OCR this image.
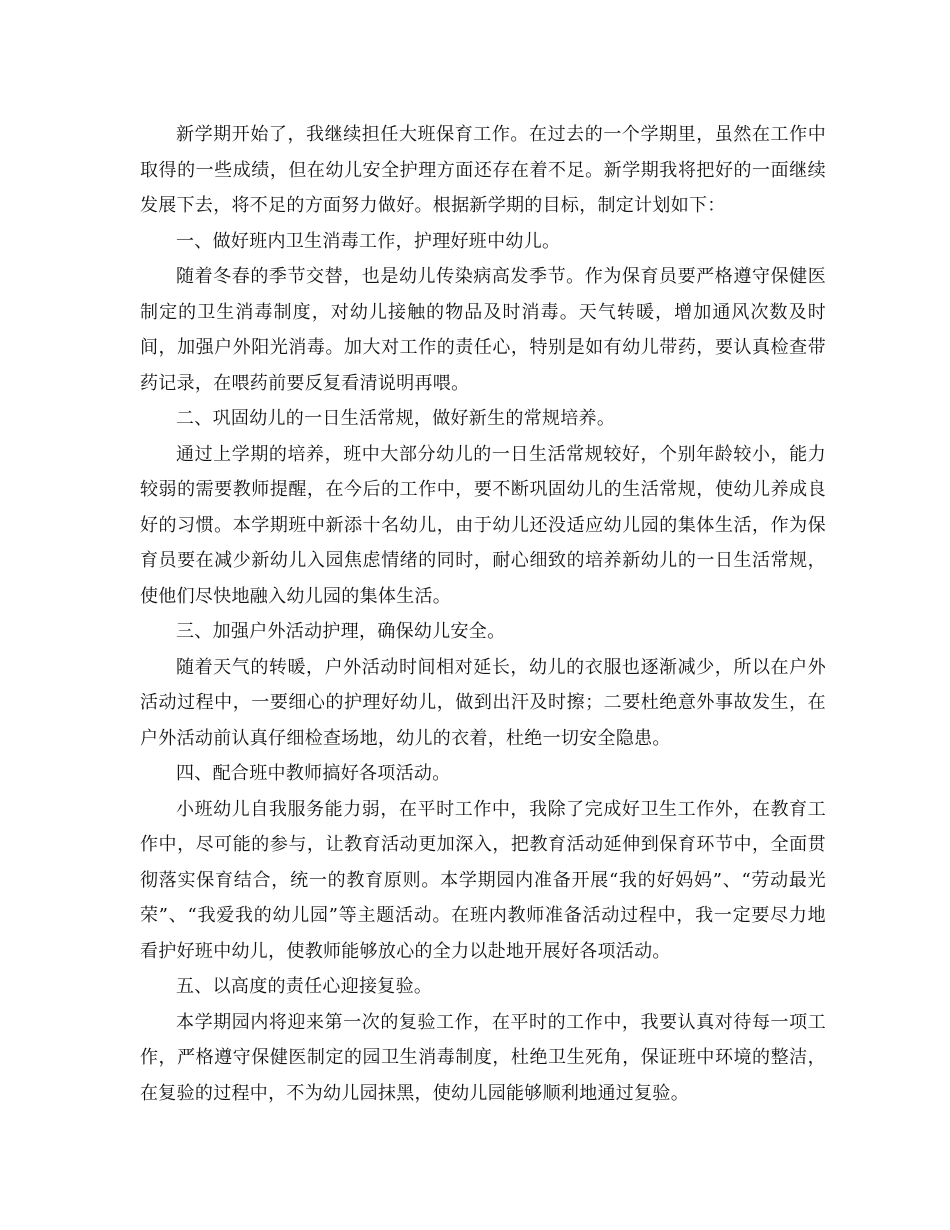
新学期开始了，我继续担任大班保育工作。在过去的一个学期里，虽然在工作中取得的一些成绩，但在幼儿安全护理方面还存在着不足。新学期我将把好的一面继续发展下去，将不足的方面努力做好。根据新学期的目标，制定计划如下：

一、做好班内卫生消毒工作，护理好班中幼儿。

随着冬春的季节交替，也是幼儿传染病高发季节。作为保育员要严格遵守保健医制定的卫生消毒制度，对幼儿接触的物品及时消毒。天气转暖，增加通风次数及时间，加强户外阳光消毒。加大对工作的责任心，特别是如有幼儿带药，要认真检查带药记录，在喂药前要反复看清说明再喂。

二、巩固幼儿的一日生活常规，做好新生的常规培养。

通过上学期的培养，班中大部分幼儿的一日生活常规较好，个别年龄较小，能力较弱的需要教师提醒，在今后的工作中，要不断巩固幼儿的生活常规，使幼儿养成良好的习惯。本学期班中新添十名幼儿，由于幼儿还没适应幼儿园的集体生活，作为保育员要在减少新幼儿入园焦虑情绪的同时，耐心细致的培养新幼儿的一日生活常规，使他们尽快地融入幼儿园的集体生活。

三、加强户外活动护理，确保幼儿安全。

随着天气的转暖，户外活动时间相对延长，幼儿的衣服也逐渐减少，所以在户外活动过程中，一要细心的护理好幼儿，做到出汗及时擦；二要杜绝意外事故发生，在户外活动前认真仔细检查场地，幼儿的衣着，杜绝一切安全隐患。

四、配合班中教师搞好各项活动。

小班幼儿自我服务能力弱，在平时工作中，我除了完成好卫生工作外，在教育工作中，尽可能的参与，让教育活动更加深入，把教育活动延伸到保育环节中，全面贯彻落实保育结合，统一的教育原则。本学期园内准备开展“我的好妈妈”、“劳动最光荣”、“我爱我的幼儿园”等主题活动。在班内教师准备活动过程中，我一定要尽力地看护好班中幼儿，使教师能够放心的全力以赴地开展好各项活动。

五、以高度的责任心迎接复验。

本学期园内将迎来第一次的复验工作，在平时的工作中，我要认真对待每一项工作，严格遵守保健医制定的园卫生消毒制度，杜绝卫生死角，保证班中环境的整洁，在复验的过程中，不为幼儿园抹黑，使幼儿园能够顺利地通过复验。
